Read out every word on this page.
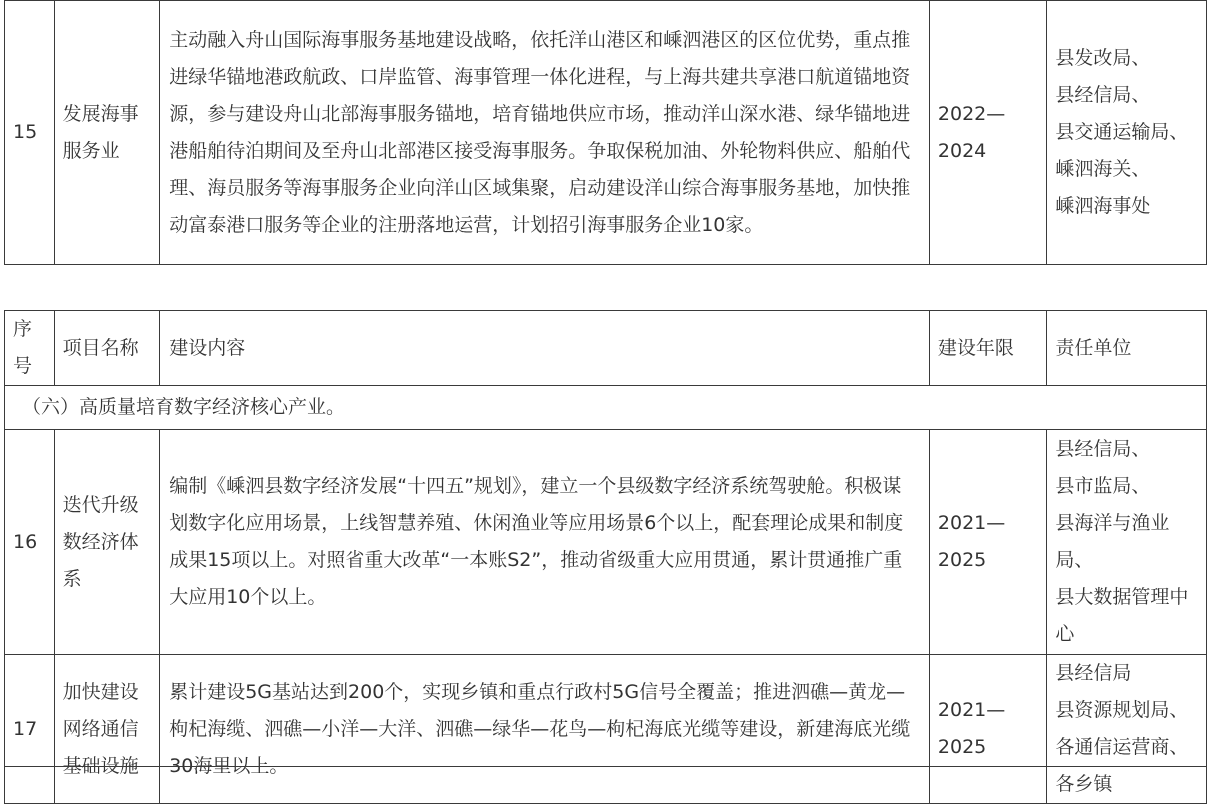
15	发展海事服务业	主动融入舟山国际海事服务基地建设战略，依托洋山港区和嵊泗港区的区位优势，重点推进绿华锚地港政航政、口岸监管、海事管理一体化进程，与上海共建共享港口航道锚地资源，参与建设舟山北部海事服务锚地，培育锚地供应市场，推动洋山深水港、绿华锚地进港船舶待泊期间及至舟山北部港区接受海事服务。争取保税加油、外轮物料供应、船舶代理、海员服务等海事服务企业向洋山区域集聚，启动建设洋山综合海事服务基地，加快推动富泰港口服务等企业的注册落地运营，计划招引海事服务企业10家。	2022—2024	
县发改局、
县经信局、
县交通运输局、
嵊泗海关、
嵊泗海事处
序号	项目名称	建设内容	建设年限	责任单位
（六）高质量培育数字经济核心产业。				
16	迭代升级数经济体系	编制《嵊泗县数字经济发展“十四五”规划》，建立一个县级数字经济系统驾驶舱。积极谋划数字化应用场景，上线智慧养殖、休闲渔业等应用场景6个以上，配套理论成果和制度成果15项以上。对照省重大改革“一本账S2”，推动省级重大应用贯通，累计贯通推广重大应用10个以上。	2021—2025	县经信局、
县市监局、
县海洋与渔业局、
县大数据管理中心

17	加快建设网络通信基础设施	累计建设5G基站达到200个，实现乡镇和重点行政村5G信号全覆盖；推进泗礁—黄龙—枸杞海缆、泗礁—小洋—大洋、泗礁—绿华—花鸟—枸杞海底光缆等建设，新建海底光缆30海里以上。	2021—2025	县经信局
县资源规划局、
各通信运营商、
各乡镇
